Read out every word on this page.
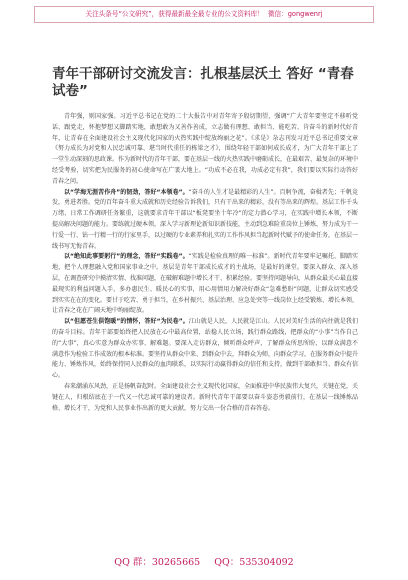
关注头条号“公文研究”，获得最新最全最专业的公文资料库！ 微信：gongwenrj
青年干部研讨交流发言：扎根基层沃土 答好 “青春试卷”

青年强，则国家强。习近平总书记在党的二十大报告中对青年寄予殷切期望，强调“广大青年要坚定不移听党话、跟党走，怀抱梦想又脚踏实地，敢想敢为又善作善成，立志做有理想、敢担当、能吃苦、肯奋斗的新时代好青年，让青春在全面建设社会主义现代化国家的火热实践中绽放绚丽之花”。《求是》杂志刊发习近平总书记重要文章《努力成长为对党和人民忠诚可靠、堪当时代重任的栋梁之才》，围绕年轻干部如何成长成才，为广大青年干部上了一堂生动深刻的思政课。作为新时代的青年干部，要在基层一线的火热实践中磨砺成长，在最艰苦、最复杂的环境中经受考验，切实把为民服务的初心使命写在广袤大地上。“功成不必在我，功成必定有我”，我们要以实际行动答好青春之问。

以“学海无涯苦作舟”的韧劲，答好“本领卷”。“奋斗的人生才是最精彩的人生”。百舸争流，奋楫者先；千帆竞发，勇进者胜。党的百年奋斗重大成就和历史经验告诉我们，只有干出来的精彩，没有等出来的辉煌。基层工作千头万绪、日常工作调研任务繁重，这就要求青年干部以“板凳要坐十年冷”的定力潜心学习，在实践中增长本领，不断提高解决问题的能力。要练就过硬本领，深入学习新理论新知识新技能，主动到急难险重岗位上锤炼，努力成为干一行爱一行、钻一行精一行的行家里手，以过硬的专业素养和扎实的工作作风担当起新时代赋予的使命任务，在基层一线书写无悔青春。

以“绝知此事要躬行”的理念，答好“实践卷”。“实践是检验真理的唯一标准”。新时代青年要牢记嘱托、脚踏实地，把个人理想融入党和国家事业之中。基层是青年干部成长成才的主战场，是最好的课堂。要深入群众、深入基层，在调查研究中摸清实情、找准问题，在破解难题中增长才干、积累经验。要坚持问题导向，从群众最关心最直接最现实的利益问题入手，多办惠民生、暖民心的实事，用心用情用力解决好群众“急难愁盼”问题，让群众切实感受到实实在在的变化。要甘于吃苦、勇于担当，在乡村振兴、基层治理、应急处突等一线岗位上经受锻炼、增长本领，让青春之花在广阔天地中绚丽绽放。

以“但愿苍生俱饱暖”的情怀，答好“为民卷”。江山就是人民，人民就是江山。人民对美好生活的向往就是我们的奋斗目标。青年干部要始终把人民放在心中最高位置，站稳人民立场，践行群众路线，把群众的“小事”当作自己的“大事”，真心实意为群众办实事、解难题。要深入走访群众，倾听群众呼声，了解群众所思所盼，以群众满意不满意作为检验工作成效的根本标准。要坚持从群众中来、到群众中去，拜群众为师，向群众学习，在服务群众中提升能力、锤炼作风，始终保持同人民群众的血肉联系，以实际行动赢得群众的信任和支持，做到干部敢担当、群众有信心。

春来潮涌东风劲，正是扬帆奋起时。全面建设社会主义现代化国家，全面推进中华民族伟大复兴，关键在党，关键在人，归根结底在于一代又一代忠诚可靠的建设者。新时代青年干部要以奋斗姿态勇毅前行，在基层一线锤炼品格、增长才干，为党和人民事业作出新的更大贡献，努力交出一份合格的青春答卷。

QQ 群：30265665 QQ：535304092
